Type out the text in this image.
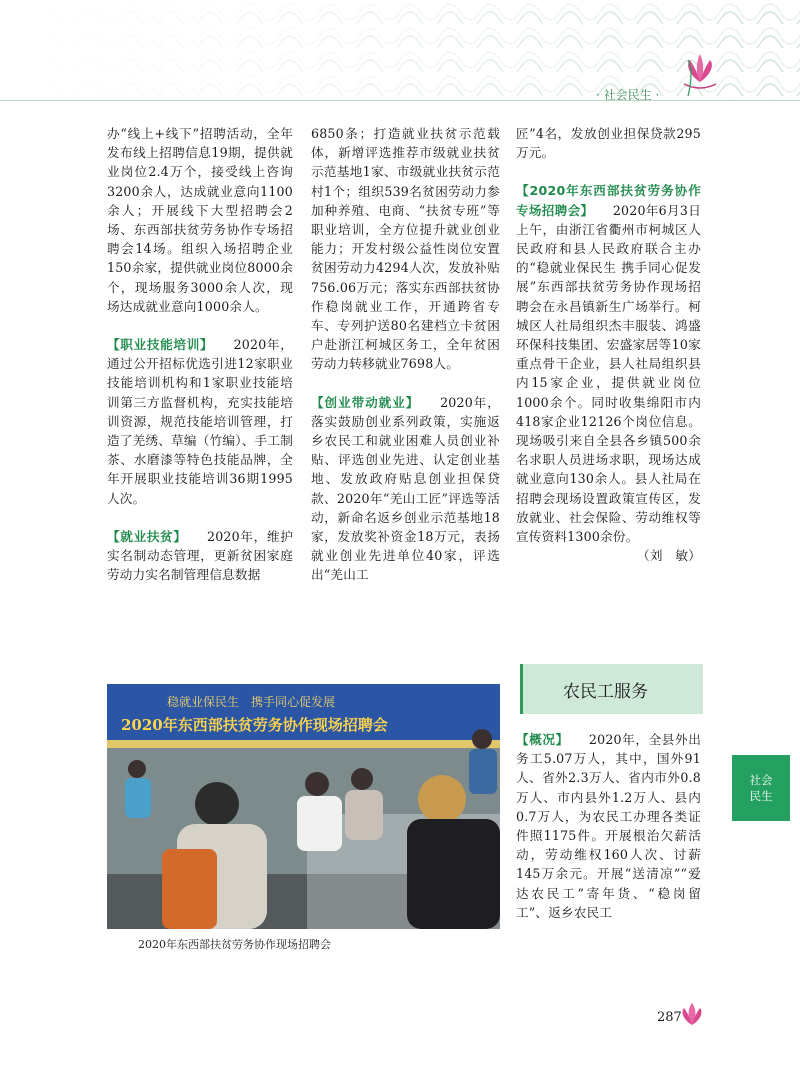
· 社会民生 ·

办“线上+线下”招聘活动，全年发布线上招聘信息19期，提供就业岗位2.4万个，接受线上咨询3200余人，达成就业意向1100余人；开展线下大型招聘会2场、东西部扶贫劳务协作专场招聘会14场。组织入场招聘企业150余家，提供就业岗位8000余个，现场服务3000余人次，现场达成就业意向1000余人。

【职业技能培训】　　 2020年，通过公开招标优选引进12家职业技能培训机构和1家职业技能培训第三方监督机构，充实技能培训资源，规范技能培训管理，打造了羌绣、草编（竹编）、手工制茶、水磨漆等特色技能品牌，全年开展职业技能培训36期1995人次。

【就业扶贫】　　 2020年，维护实名制动态管理，更新贫困家庭劳动力实名制管理信息数据

6850条；打造就业扶贫示范载体，新增评选推荐市级就业扶贫示范基地1家、市级就业扶贫示范村1个；组织539名贫困劳动力参加种养殖、电商、“扶贫专班”等职业培训，全方位提升就业创业能力；开发村级公益性岗位安置贫困劳动力4294人次，发放补贴756.06万元；落实东西部扶贫协作稳岗就业工作，开通跨省专车、专列护送80名建档立卡贫困户赴浙江柯城区务工，全年贫困劳动力转移就业7698人。

【创业带动就业】　　 2020年，落实鼓励创业系列政策，实施返乡农民工和就业困难人员创业补贴、评选创业先进、认定创业基地、发放政府贴息创业担保贷款、2020年“羌山工匠”评选等活动，新命名返乡创业示范基地18家，发放奖补资金18万元，表扬就业创业先进单位40家，评选出“羌山工

匠”4名，发放创业担保贷款295万元。

【2020年东西部扶贫劳务协作专场招聘会】　　 2020年6月3日上午，由浙江省衢州市柯城区人民政府和县人民政府联合主办的“稳就业保民生 携手同心促发展”东西部扶贫劳务协作现场招聘会在永昌镇新生广场举行。柯城区人社局组织杰丰服装、鸿盛环保科技集团、宏盛家居等10家重点骨干企业，县人社局组织县内15家企业，提供就业岗位1000余个。同时收集绵阳市内418家企业12126个岗位信息。现场吸引来自全县各乡镇500余名求职人员进场求职，现场达成就业意向130余人。县人社局在招聘会现场设置政策宣传区，发放就业、社会保险、劳动维权等宣传资料1300余份。

（刘　敏）

农民工服务

【概况】　　 2020年，全县外出务工5.07万人，其中，国外91人、省外2.3万人、省内市外0.8万人、市内县外1.2万人、县内0.7万人，为农民工办理各类证件照1175件。开展根治欠薪活动，劳动维权160人次、讨薪145万余元。开展“送清凉”“爱达农民工”寄年货、“稳岗留工”、返乡农民工

稳就业保民生　携手同心促发展
2020年东西部扶贫劳务协作现场招聘会
2020年东西部扶贫劳务协作现场招聘会
社会民生
287
